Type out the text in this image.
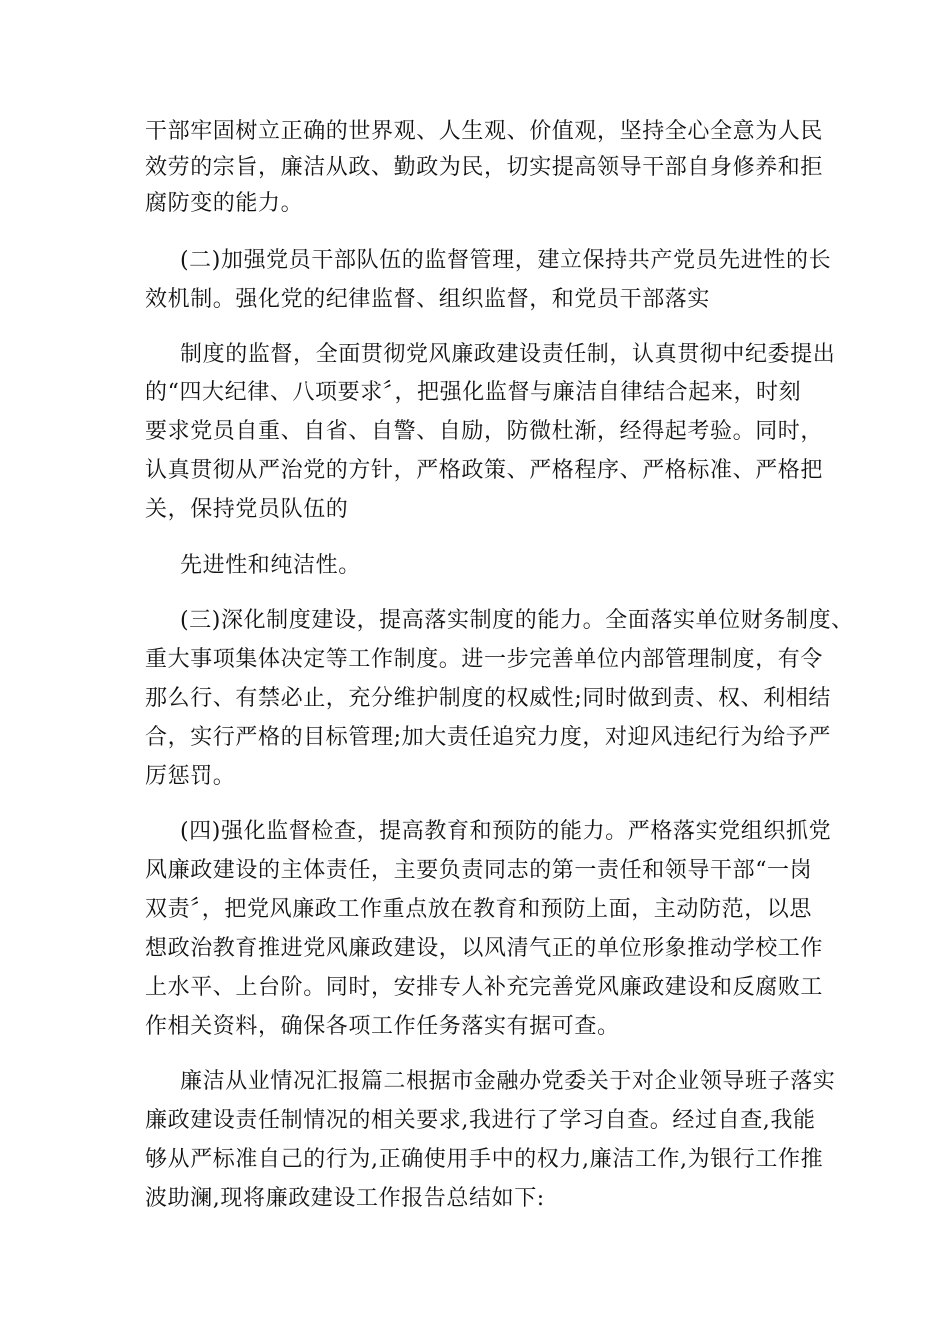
干部牢固树立正确的世界观、人生观、价值观，坚持全心全意为人民
效劳的宗旨，廉洁从政、勤政为民，切实提高领导干部自身修养和拒
腐防变的能力。
(二)加强党员干部队伍的监督管理，建立保持共产党员先进性的长
效机制。强化党的纪律监督、组织监督，和党员干部落实
制度的监督，全面贯彻党风廉政建设责任制，认真贯彻中纪委提出
的“四大纪律、八项要求〞，把强化监督与廉洁自律结合起来，时刻
要求党员自重、自省、自警、自励，防微杜渐，经得起考验。同时，
认真贯彻从严治党的方针，严格政策、严格程序、严格标准、严格把
关，保持党员队伍的
先进性和纯洁性。
(三)深化制度建设，提高落实制度的能力。全面落实单位财务制度、
重大事项集体决定等工作制度。进一步完善单位内部管理制度，有令
那么行、有禁必止，充分维护制度的权威性;同时做到责、权、利相结
合，实行严格的目标管理;加大责任追究力度，对迎风违纪行为给予严
厉惩罚。
(四)强化监督检查，提高教育和预防的能力。严格落实党组织抓党
风廉政建设的主体责任，主要负责同志的第一责任和领导干部“一岗
双责〞，把党风廉政工作重点放在教育和预防上面，主动防范，以思
想政治教育推进党风廉政建设，以风清气正的单位形象推动学校工作
上水平、上台阶。同时，安排专人补充完善党风廉政建设和反腐败工
作相关资料，确保各项工作任务落实有据可查。
廉洁从业情况汇报篇二根据市金融办党委关于对企业领导班子落实
廉政建设责任制情况的相关要求,我进行了学习自查。经过自查,我能
够从严标准自己的行为,正确使用手中的权力,廉洁工作,为银行工作推
波助澜,现将廉政建设工作报告总结如下:
